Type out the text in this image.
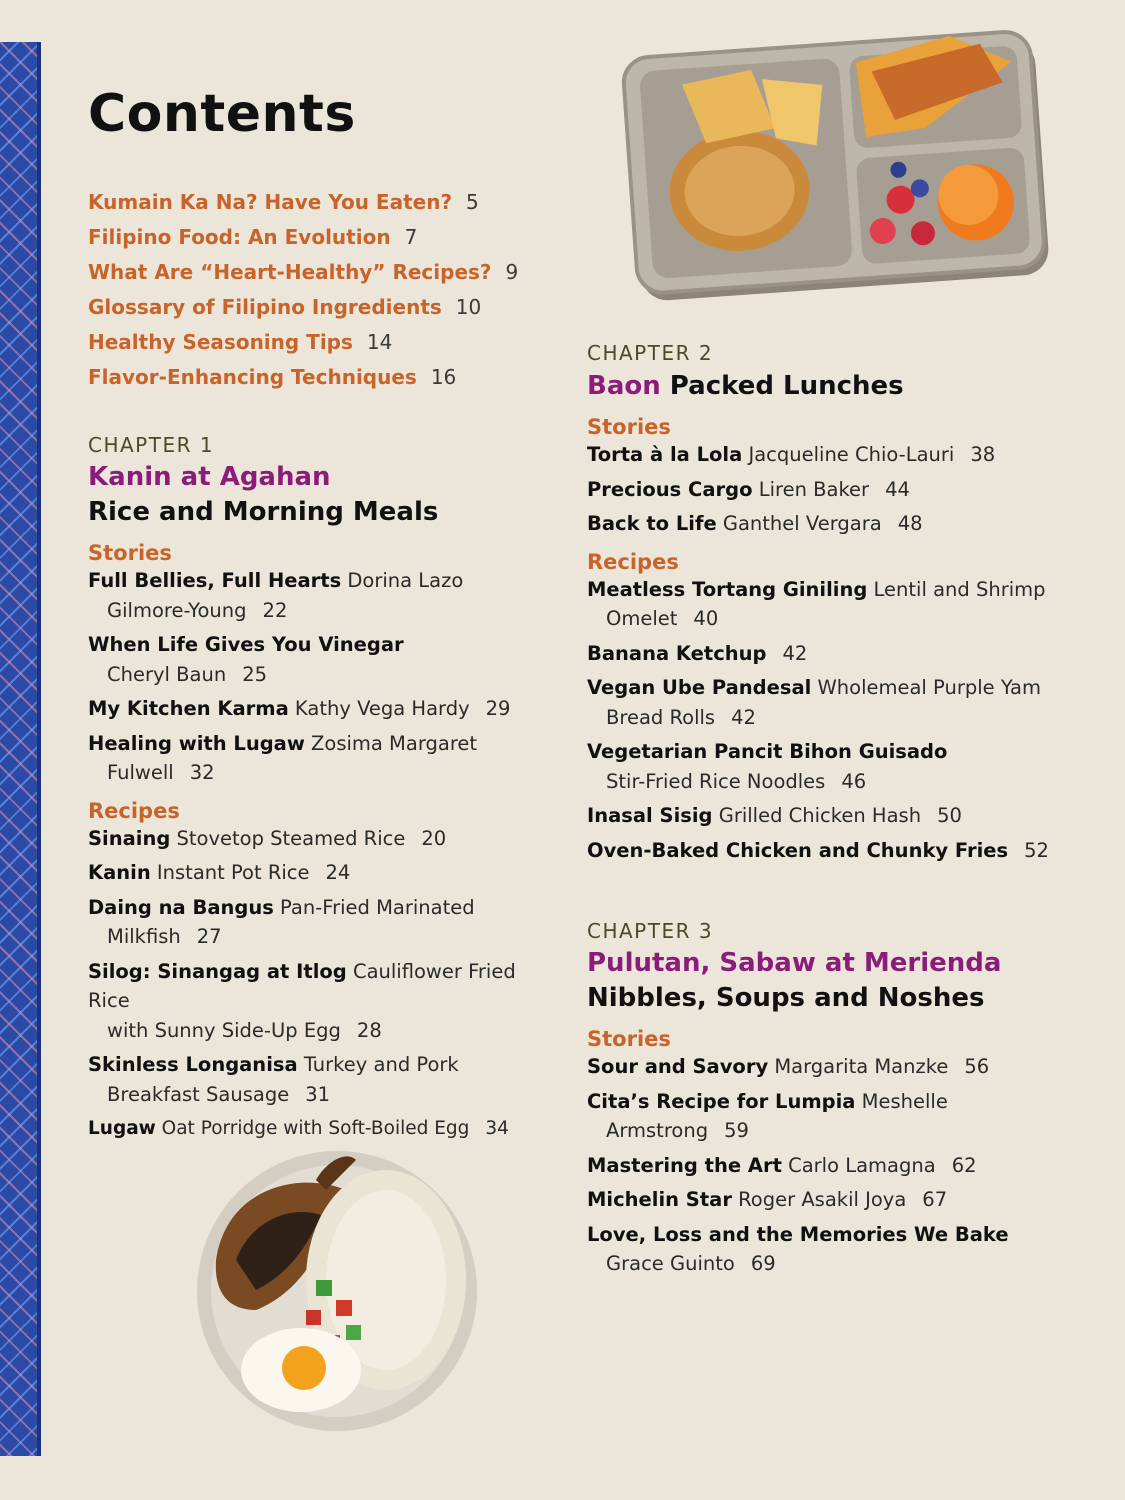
Contents
Kumain Ka Na? Have You Eaten? 5
Filipino Food: An Evolution 7
What Are “Heart-Healthy” Recipes? 9
Glossary of Filipino Ingredients 10
Healthy Seasoning Tips 14
Flavor-Enhancing Techniques 16
CHAPTER 1
Kanin at Agahan
Rice and Morning Meals
Stories
Full Bellies, Full Hearts Dorina Lazo
Gilmore-Young 22
When Life Gives You Vinegar
Cheryl Baun 25
My Kitchen Karma Kathy Vega Hardy 29
Healing with Lugaw Zosima Margaret
Fulwell 32
Recipes
Sinaing Stovetop Steamed Rice 20
Kanin Instant Pot Rice 24
Daing na Bangus Pan-Fried Marinated
Milkfish 27
Silog: Sinangag at Itlog Cauliflower Fried Rice
with Sunny Side-Up Egg 28
Skinless Longanisa Turkey and Pork
Breakfast Sausage 31
Lugaw Oat Porridge with Soft-Boiled Egg 34
CHAPTER 2
Baon Packed Lunches
Stories
Torta à la Lola Jacqueline Chio-Lauri 38
Precious Cargo Liren Baker 44
Back to Life Ganthel Vergara 48
Recipes
Meatless Tortang Giniling Lentil and Shrimp
Omelet 40
Banana Ketchup 42
Vegan Ube Pandesal Wholemeal Purple Yam
Bread Rolls 42
Vegetarian Pancit Bihon Guisado
Stir-Fried Rice Noodles 46
Inasal Sisig Grilled Chicken Hash 50
Oven-Baked Chicken and Chunky Fries 52
CHAPTER 3
Pulutan, Sabaw at Merienda
Nibbles, Soups and Noshes
Stories
Sour and Savory Margarita Manzke 56
Cita’s Recipe for Lumpia Meshelle
Armstrong 59
Mastering the Art Carlo Lamagna 62
Michelin Star Roger Asakil Joya 67
Love, Loss and the Memories We Bake
Grace Guinto 69
